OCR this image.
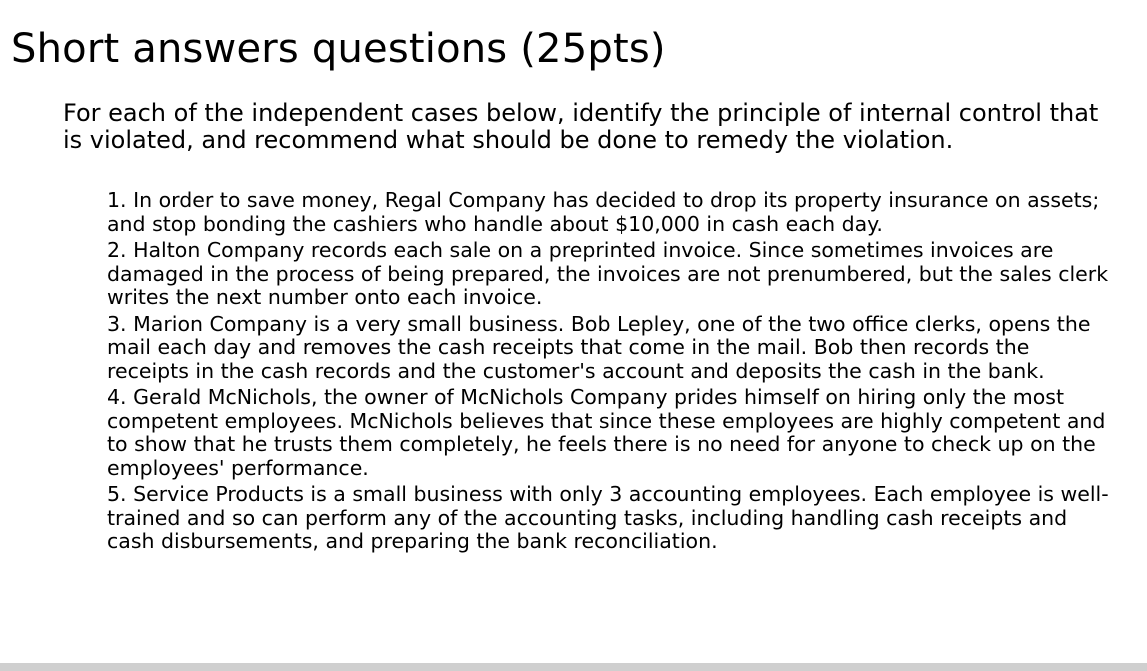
Short answers questions (25pts)

For each of the independent cases below, identify the principle of internal control that is violated, and recommend what should be done to remedy the violation.

1. In order to save money, Regal Company has decided to drop its property insurance on assets; and stop bonding the cashiers who handle about $10,000 in cash each day.
2. Halton Company records each sale on a preprinted invoice. Since sometimes invoices are damaged in the process of being prepared, the invoices are not prenumbered, but the sales clerk writes the next number onto each invoice.
3. Marion Company is a very small business. Bob Lepley, one of the two office clerks, opens the mail each day and removes the cash receipts that come in the mail. Bob then records the receipts in the cash records and the customer's account and deposits the cash in the bank.
4. Gerald McNichols, the owner of McNichols Company prides himself on hiring only the most competent employees. McNichols believes that since these employees are highly competent and to show that he trusts them completely, he feels there is no need for anyone to check up on the employees' performance.
5. Service Products is a small business with only 3 accounting employees. Each employee is well-trained and so can perform any of the accounting tasks, including handling cash receipts and cash disbursements, and preparing the bank reconciliation.
